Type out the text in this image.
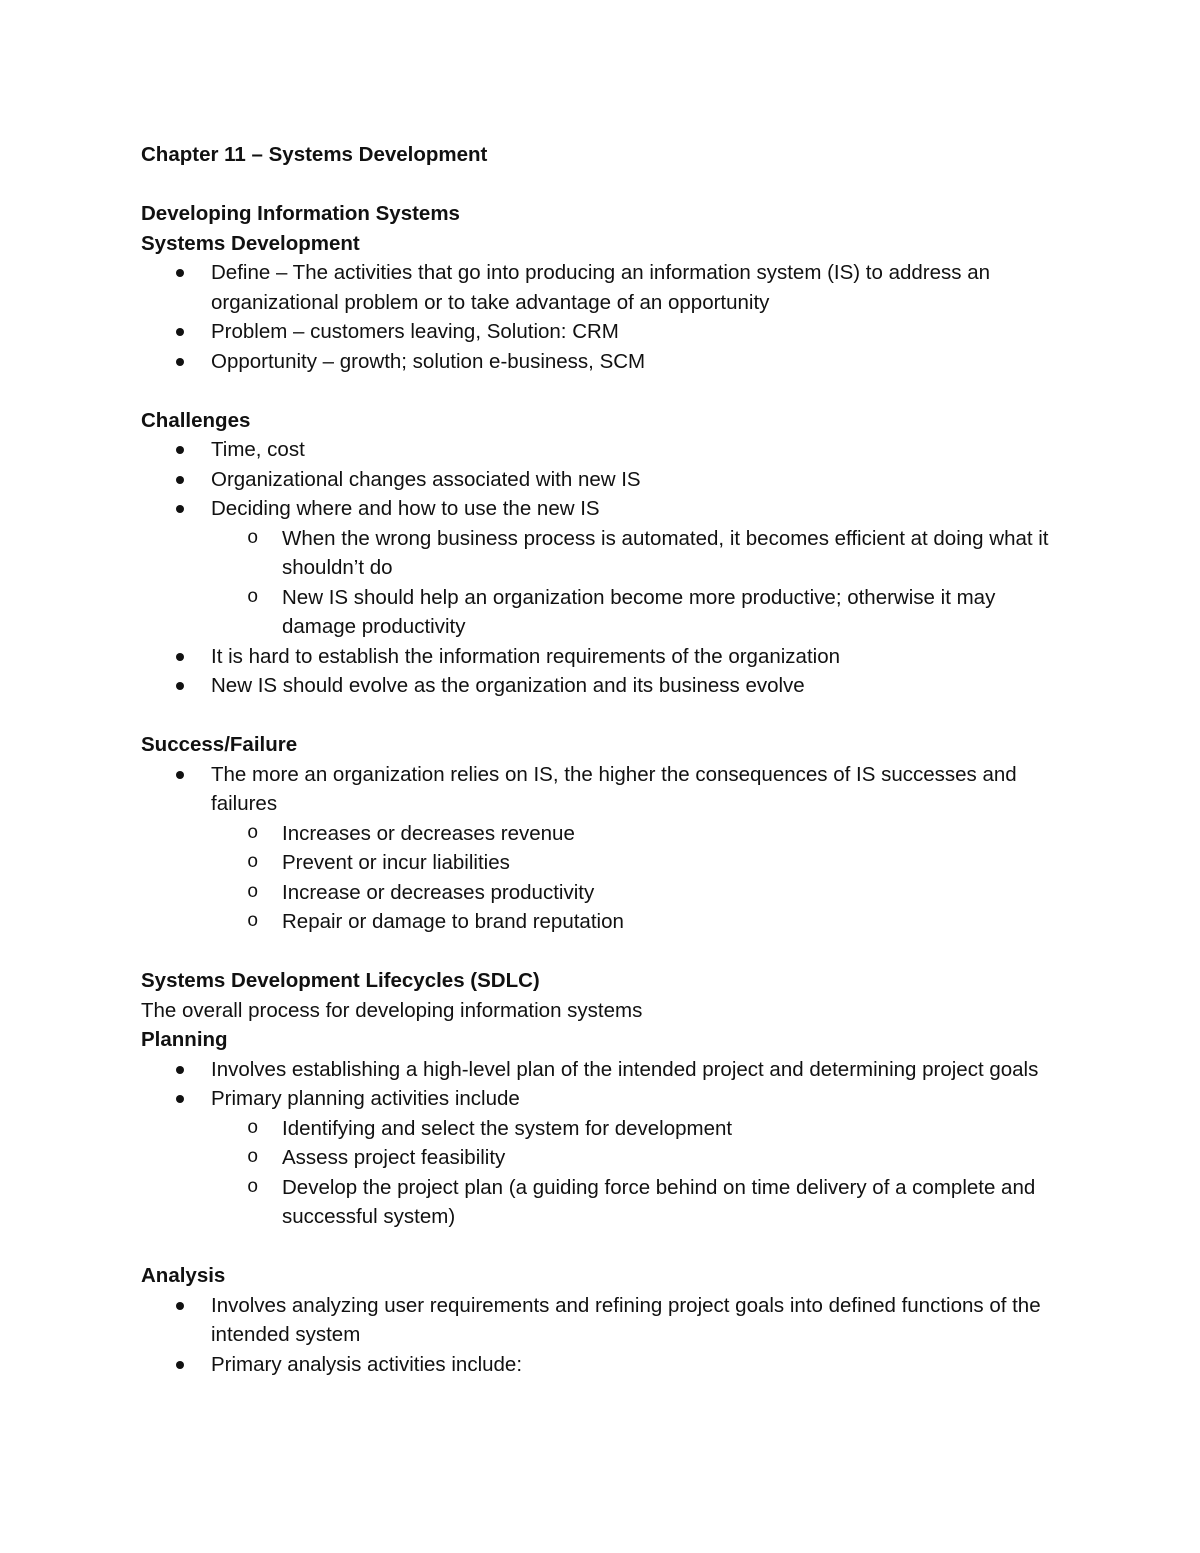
Chapter 11 – Systems Development

Developing Information Systems

Systems Development

Define – The activities that go into producing an information system (IS) to address an organizational problem or to take advantage of an opportunity
Problem – customers leaving, Solution: CRM
Opportunity – growth; solution e-business, SCM

Challenges

Time, cost
Organizational changes associated with new IS
Deciding where and how to use the new IS
o When the wrong business process is automated, it becomes efficient at doing what it shouldn’t do
o New IS should help an organization become more productive; otherwise it may damage productivity
It is hard to establish the information requirements of the organization
New IS should evolve as the organization and its business evolve

Success/Failure

The more an organization relies on IS, the higher the consequences of IS successes and failures
o Increases or decreases revenue
o Prevent or incur liabilities
o Increase or decreases productivity
o Repair or damage to brand reputation

Systems Development Lifecycles (SDLC)

The overall process for developing information systems

Planning

Involves establishing a high-level plan of the intended project and determining project goals
Primary planning activities include
o Identifying and select the system for development
o Assess project feasibility
o Develop the project plan (a guiding force behind on time delivery of a complete and successful system)

Analysis

Involves analyzing user requirements and refining project goals into defined functions of the intended system
Primary analysis activities include:
